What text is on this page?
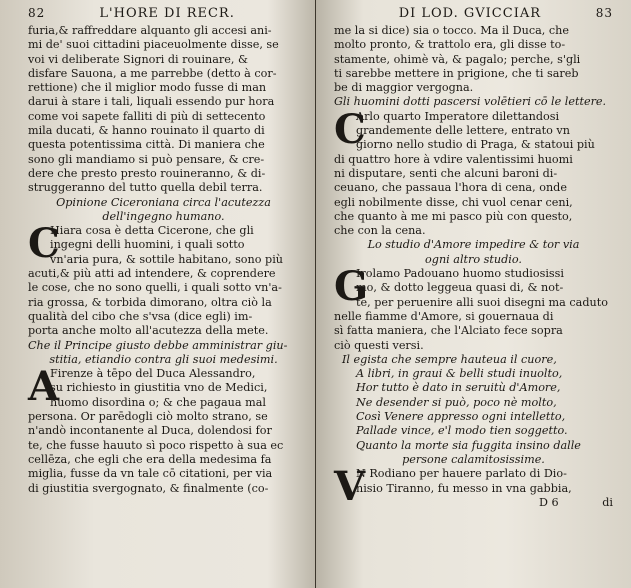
82	L'HORE DI RECR.
furia,& raffreddare alquanto gli accesi ani-
mi de' suoi cittadini piaceuolmente disse, se
voi vi deliberate Signori di rouinare, &
disfare Sauona, a me parrebbe (detto à cor-
rettione) che il miglior modo fusse di man
darui à stare i tali, liquali essendo pur hora
come voi sapete falliti di più di settecento
mila ducati, & hanno rouinato il quarto di
questa potentissima città. Di maniera che
sono gli mandiamo si può pensare, & cre-
dere che presto presto rouineranno, & di-
struggeranno del tutto quella debil terra.
Opinione Ciceroniana circa l'acutezza
dell'ingegno humano.
C
Hiara cosa è detta Cicerone, che gli
ingegni delli huomini, i quali sotto
vn'aria pura, & sottile habitano, sono più
acuti,& più atti ad intendere, & coprendere
le cose, che no sono quelli, i quali sotto vn'a-
ria grossa, & torbida dimorano, oltra ciò la
qualità del cibo che s'vsa (dice egli) im-
porta anche molto all'acutezza della mete.
Che il Principe giusto debbe amministrar giu-
stitia, etiandio contra gli suoi medesimi.
A
Firenze à tēpo del Duca Alessandro,
su richiesto in giustitia vno de Medici,
huomo disordina o; & che pagaua mal
persona. Or parēdogli ciò molto strano, se
n'andò incontanente al Duca, dolendosi for
te, che fusse hauuto sì poco rispetto à sua ec
cellēza, che egli che era della medesima fa
miglia, fusse da vn tale cō citationi, per via
di giustitia svergognato, & finalmente (co-
DI LOD. GVICCIAR	83
me la si dice) sia o tocco. Ma il Duca, che
molto pronto, & trattolo era, gli disse to-
stamente, ohimè và, & pagalo; perche, s'gli
ti sarebbe mettere in prigione, che ti sareb
be di maggior vergogna.
Gli huomini dotti pascersi volētieri cō le lettere.
C
Arlo quarto Imperatore dilettandosi
grandemente delle lettere, entrato vn
giorno nello studio di Praga, & statoui più
di quattro hore à vdire valentissimi huomi
ni disputare, senti che alcuni baroni di-
ceuano, che passaua l'hora di cena, onde
egli nobilmente disse, chi vuol cenar ceni,
che quanto à me mi pasco più con questo,
che con la cena.
Lo studio d'Amore impedire & tor via
ogni altro studio.
G
Irolamo Padouano huomo studiosissi
mo, & dotto leggeua quasi di, & not-
te, per peruenire alli suoi disegni ma caduto
nelle fiamme d'Amore, si gouernaua di
sì fatta maniera, che l'Alciato fece sopra
ciò questi versi.
Il egista che sempre hauteua il cuore,
A libri, in graui & belli studi inuolto,
Hor tutto è dato in seruitù d'Amore,
Ne desender si può, poco nè molto,
Così Venere appresso ogni intelletto,
Pallade vince, e'l modo tien soggetto.
Quanto la morte sia fuggita insino dalle
persone calamitosissime.
V
N Rodiano per hauere parlato di Dio-
nisio Tiranno, fu messo in vna gabbia,
D 6	di
